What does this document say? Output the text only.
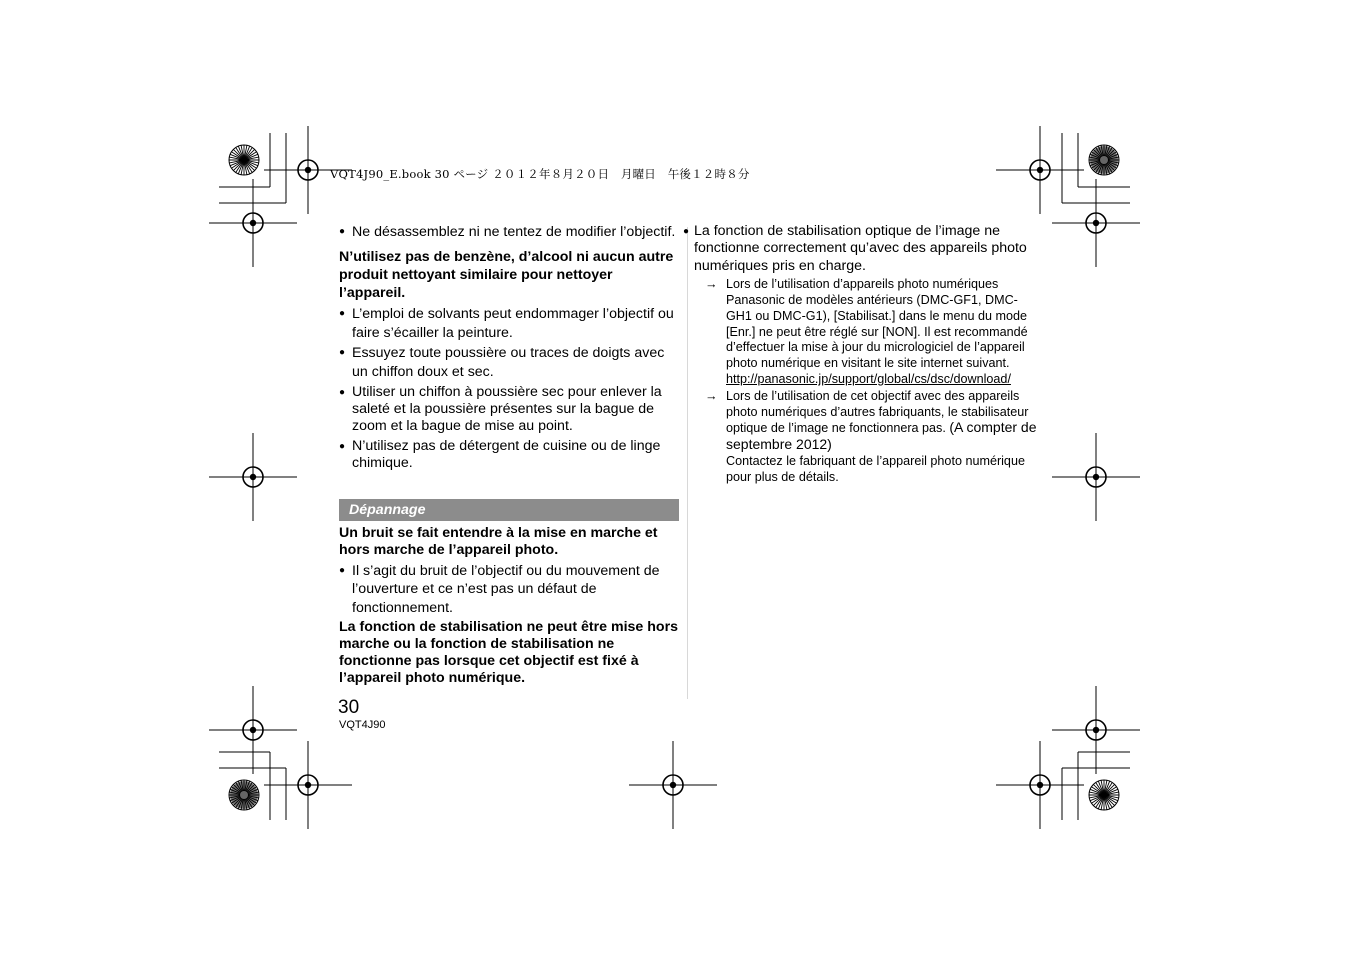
VQT4J90_E.book 30 ページ ２０１２年８月２０日　月曜日　午後１２時８分

● Ne désassemblez ni ne tentez de modifier l’objectif.

N’utilisez pas de benzène, d’alcool ni aucun autre produit nettoyant similaire pour nettoyer l’appareil.

● L’emploi de solvants peut endommager l’objectif ou faire s’écailler la peinture.

● Essuyez toute poussière ou traces de doigts avec un chiffon doux et sec.

● Utiliser un chiffon à poussière sec pour enlever la saleté et la poussière présentes sur la bague de zoom et la bague de mise au point.

● N’utilisez pas de détergent de cuisine ou de linge chimique.

Dépannage

Un bruit se fait entendre à la mise en marche et hors marche de l’appareil photo.

● Il s’agit du bruit de l’objectif ou du mouvement de l’ouverture et ce n’est pas un défaut de fonctionnement.

La fonction de stabilisation ne peut être mise hors marche ou la fonction de stabilisation ne fonctionne pas lorsque cet objectif est fixé à l’appareil photo numérique.

● La fonction de stabilisation optique de l’image ne fonctionne correctement qu’avec des appareils photo numériques pris en charge.

→ Lors de l’utilisation d’appareils photo numériques Panasonic de modèles antérieurs (DMC-GF1, DMC-GH1 ou DMC-G1), [Stabilisat.] dans le menu du mode [Enr.] ne peut être réglé sur [NON]. Il est recommandé d’effectuer la mise à jour du micrologiciel de l’appareil photo numérique en visitant le site internet suivant.
http://panasonic.jp/support/global/cs/dsc/download/
→ Lors de l’utilisation de cet objectif avec des appareils photo numériques d’autres fabriquants, le stabilisateur optique de l’image ne fonctionnera pas. (A compter de septembre 2012)
Contactez le fabriquant de l’appareil photo numérique pour plus de détails.
30
VQT4J90
